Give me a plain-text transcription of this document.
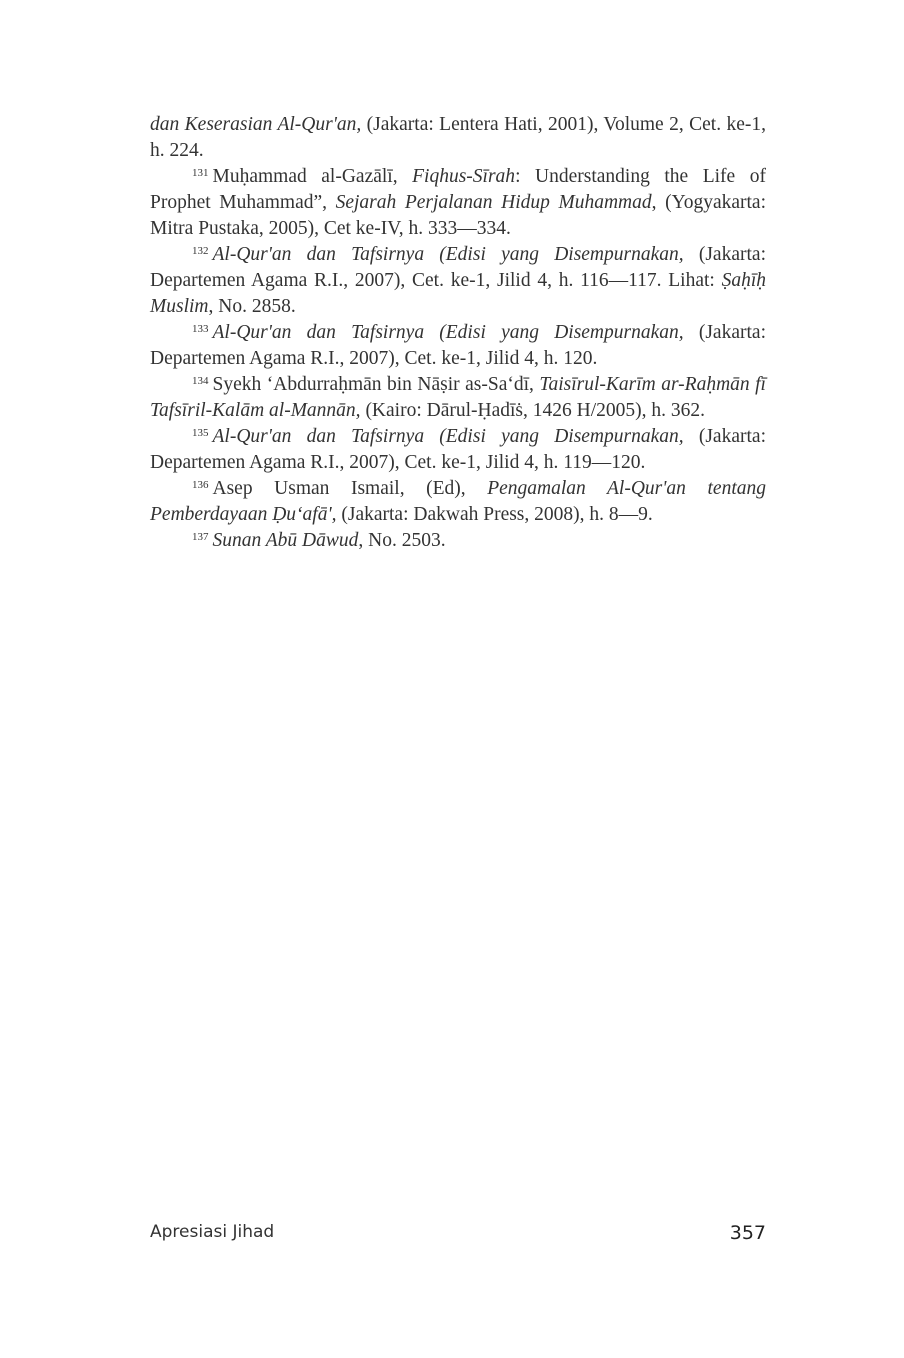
dan Keserasian Al-Qur'an, (Jakarta: Lentera Hati, 2001), Volume 2, Cet. ke-1, h. 224.

$^{131}$ Muḥammad al-Gazālī, Fiqhus-Sīrah: Understanding the Life of Prophet Muhammad”, Sejarah Perjalanan Hidup Muhammad, (Yogyakarta: Mitra Pustaka, 2005), Cet ke-IV, h. 333—334.

$^{132}$ Al-Qur'an dan Tafsirnya (Edisi yang Disempurnakan, (Jakarta: Departemen Agama R.I., 2007), Cet. ke-1, Jilid 4, h. 116—117. Lihat: Ṣaḥīḥ Muslim, No. 2858.

$^{133}$ Al-Qur'an dan Tafsirnya (Edisi yang Disempurnakan, (Jakarta: Departemen Agama R.I., 2007), Cet. ke-1, Jilid 4, h. 120.

$^{134}$ Syekh ‘Abdurraḥmān bin Nāṣir as-Sa‘dī, Taisīrul-Karīm ar-Raḥmān fī Tafsīril-Kalām al-Mannān, (Kairo: Dārul-Ḥadīṡ, 1426 H/2005), h. 362.

$^{135}$ Al-Qur'an dan Tafsirnya (Edisi yang Disempurnakan, (Jakarta: Departemen Agama R.I., 2007), Cet. ke-1, Jilid 4, h. 119—120.

$^{136}$ Asep Usman Ismail, (Ed), Pengamalan Al-Qur'an tentang Pemberdayaan Ḍu‘afā', (Jakarta: Dakwah Press, 2008), h. 8—9.

$^{137}$ Sunan Abū Dāwud, No. 2503.

Apresiasi Jihad	357
